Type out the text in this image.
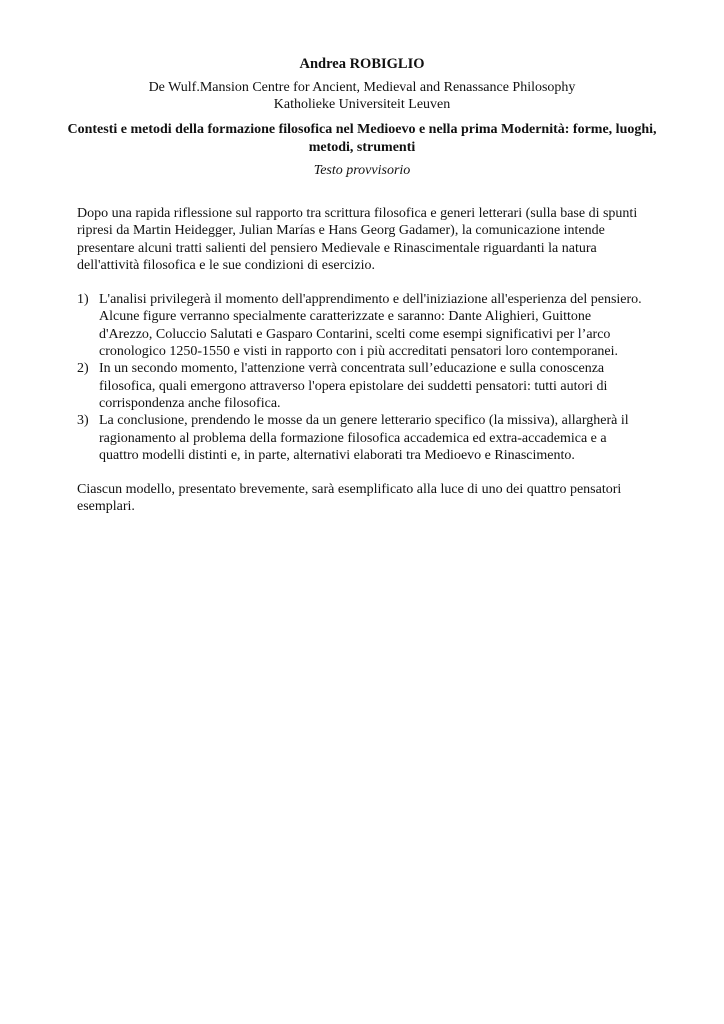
Andrea ROBIGLIO

De Wulf.Mansion Centre for Ancient, Medieval and Renassance Philosophy

Katholieke Universiteit Leuven

Contesti e metodi della formazione filosofica nel Medioevo e nella prima Modernità: forme, luoghi, metodi, strumenti

Testo provvisorio

Dopo una rapida riflessione sul rapporto tra scrittura filosofica e generi letterari (sulla base di spunti ripresi da Martin Heidegger, Julian Marías e Hans Georg Gadamer), la comunicazione intende presentare alcuni tratti salienti del pensiero Medievale e Rinascimentale riguardanti la natura dell'attività filosofica e le sue condizioni di esercizio.

1) L'analisi privilegerà il momento dell'apprendimento e dell'iniziazione all'esperienza del pensiero. Alcune figure verranno specialmente caratterizzate e saranno: Dante Alighieri, Guittone d'Arezzo, Coluccio Salutati e Gasparo Contarini, scelti come esempi significativi per l’arco cronologico 1250-1550 e visti in rapporto con i più accreditati pensatori loro contemporanei.
2) In un secondo momento, l'attenzione verrà concentrata sull’educazione e sulla conoscenza filosofica, quali emergono attraverso l'opera epistolare dei suddetti pensatori: tutti autori di corrispondenza anche filosofica.
3) La conclusione, prendendo le mosse da un genere letterario specifico (la missiva), allargherà il ragionamento al problema della formazione filosofica accademica ed extra-accademica e a quattro modelli distinti e, in parte, alternativi elaborati tra Medioevo e Rinascimento.

Ciascun modello, presentato brevemente, sarà esemplificato alla luce di uno dei quattro pensatori esemplari.
